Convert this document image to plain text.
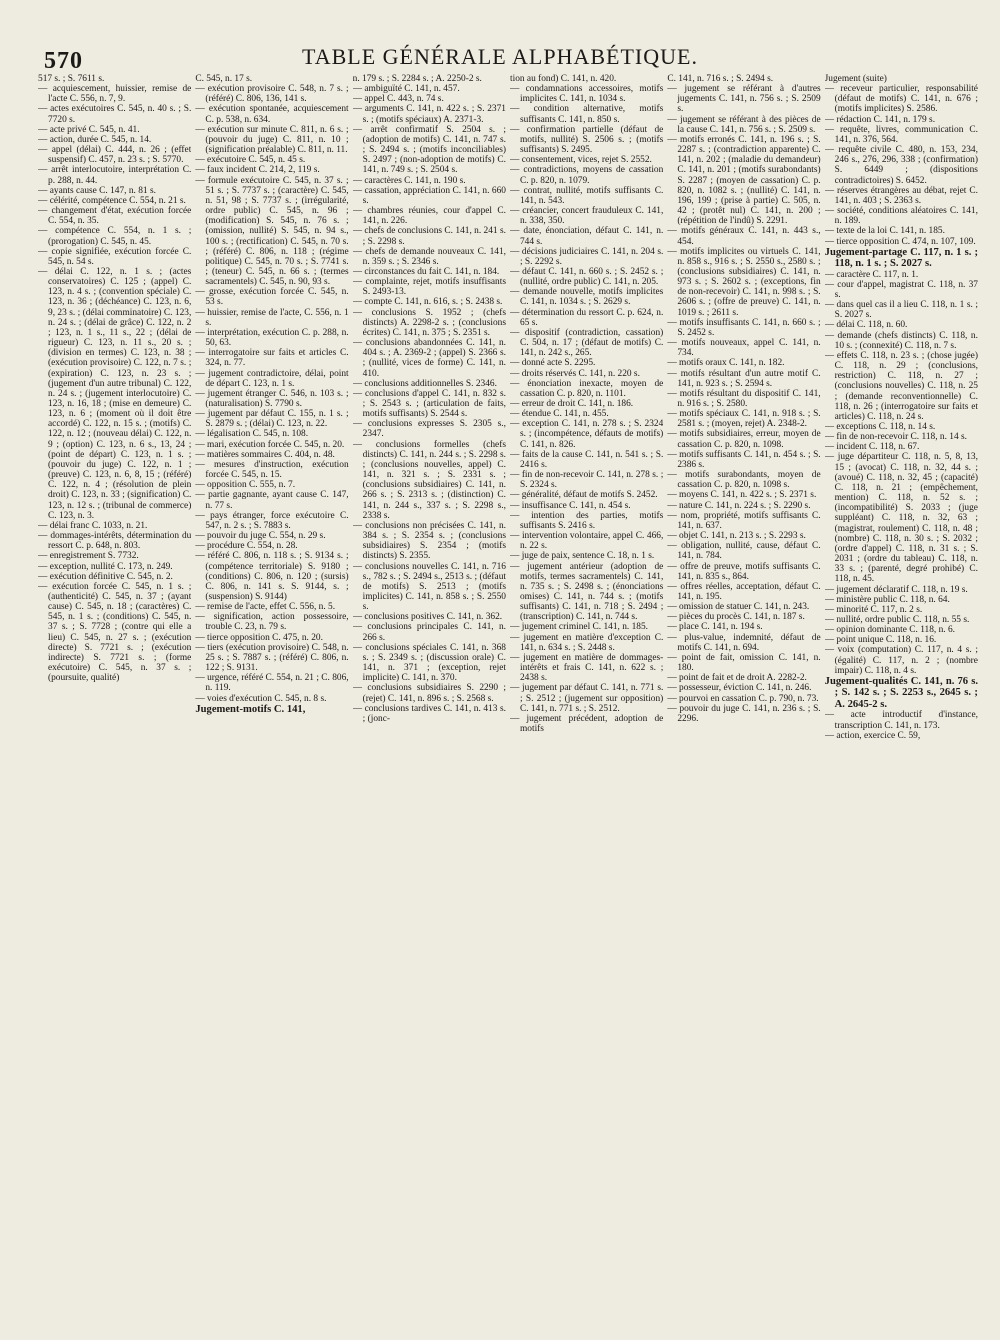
570	TABLE GÉNÉRALE ALPHABÉTIQUE.

517 s. ; S. 7611 s.

— acquiescement, huissier, remise de l'acte C. 556, n. 7, 9.

— actes exécutoires C. 545, n. 40 s. ; S. 7720 s.

— acte privé C. 545, n. 41.

— action, durée C. 545, n. 14.

— appel (délai) C. 444, n. 26 ; (effet suspensif) C. 457, n. 23 s. ; S. 5770.

— arrêt interlocutoire, interprétation C. p. 288, n. 44.

— ayants cause C. 147, n. 81 s.

— célérité, compétence C. 554, n. 21 s.

— changement d'état, exécution forcée C. 554, n. 35.

— compétence C. 554, n. 1 s. ; (prorogation) C. 545, n. 45.

— copie signifiée, exécution forcée C. 545, n. 54 s.

— délai C. 122, n. 1 s. ; (actes conservatoires) C. 125 ; (appel) C. 123, n. 4 s. ; (convention spéciale) C. 123, n. 36 ; (déchéance) C. 123, n. 6, 9, 23 s. ; (délai comminatoire) C. 123, n. 24 s. ; (délai de grâce) C. 122, n. 2 ; 123, n. 1 s., 11 s., 22 ; (délai de rigueur) C. 123, n. 11 s., 20 s. ; (division en termes) C. 123, n. 38 ; (exécution provisoire) C. 122, n. 7 s. ; (expiration) C. 123, n. 23 s. ; (jugement d'un autre tribunal) C. 122, n. 24 s. ; (jugement interlocutoire) C. 123, n. 16, 18 ; (mise en demeure) C. 123, n. 6 ; (moment où il doit être accordé) C. 122, n. 15 s. ; (motifs) C. 122, n. 12 ; (nouveau délai) C. 122, n. 9 ; (option) C. 123, n. 6 s., 13, 24 ; (point de départ) C. 123, n. 1 s. ; (pouvoir du juge) C. 122, n. 1 ; (preuve) C. 123, n. 6, 8, 15 ; (référé) C. 122, n. 4 ; (résolution de plein droit) C. 123, n. 33 ; (signification) C. 123, n. 12 s. ; (tribunal de commerce) C. 123, n. 3.

— délai franc C. 1033, n. 21.

— dommages-intérêts, détermination du ressort C. p. 648, n. 803.

— enregistrement S. 7732.

— exception, nullité C. 173, n. 249.

— exécution définitive C. 545, n. 2.

— exécution forcée C. 545, n. 1 s. ; (authenticité) C. 545, n. 37 ; (ayant cause) C. 545, n. 18 ; (caractères) C. 545, n. 1 s. ; (conditions) C. 545, n. 37 s. ; S. 7728 ; (contre qui elle a lieu) C. 545, n. 27 s. ; (exécution directe) S. 7721 s. ; (exécution indirecte) S. 7721 s. ; (forme exécutoire) C. 545, n. 37 s. ; (poursuite, qualité)

C. 545, n. 17 s.

— exécution provisoire C. 548, n. 7 s. ; (référé) C. 806, 136, 141 s.

— exécution spontanée, acquiescement C. p. 538, n. 634.

— exécution sur minute C. 811, n. 6 s. ; (pouvoir du juge) C. 811, n. 10 ; (signification préalable) C. 811, n. 11.

— exécutoire C. 545, n. 45 s.

— faux incident C. 214, 2, 119 s.

— formule exécutoire C. 545, n. 37 s. ; 51 s. ; S. 7737 s. ; (caractère) C. 545, n. 51, 98 ; S. 7737 s. ; (irrégularité, ordre public) C. 545, n. 96 ; (modification) S. 545, n. 76 s. ; (omission, nullité) S. 545, n. 94 s., 100 s. ; (rectification) C. 545, n. 70 s. ; (référé) C. 806, n. 118 ; (régime politique) C. 545, n. 70 s. ; S. 7741 s. ; (teneur) C. 545, n. 66 s. ; (termes sacramentels) C. 545, n. 90, 93 s.

— grosse, exécution forcée C. 545, n. 53 s.

— huissier, remise de l'acte, C. 556, n. 1 s.

— interprétation, exécution C. p. 288, n. 50, 63.

— interrogatoire sur faits et articles C. 324, n. 77.

— jugement contradictoire, délai, point de départ C. 123, n. 1 s.

— jugement étranger C. 546, n. 103 s. ; (naturalisation) S. 7790 s.

— jugement par défaut C. 155, n. 1 s. ; S. 2879 s. ; (délai) C. 123, n. 22.

— légalisation C. 545, n. 108.

— mari, exécution forcée C. 545, n. 20.

— matières sommaires C. 404, n. 48.

— mesures d'instruction, exécution forcée C. 545, n. 15.

— opposition C. 555, n. 7.

— partie gagnante, ayant cause C. 147, n. 77 s.

— pays étranger, force exécutoire C. 547, n. 2 s. ; S. 7883 s.

— pouvoir du juge C. 554, n. 29 s.

— procédure C. 554, n. 28.

— référé C. 806, n. 118 s. ; S. 9134 s. ; (compétence territoriale) S. 9180 ; (conditions) C. 806, n. 120 ; (sursis) C. 806, n. 141 s. S. 9144, s. ; (suspension) S. 9144)

— remise de l'acte, effet C. 556, n. 5.

— signification, action possessoire, trouble C. 23, n. 79 s.

— tierce opposition C. 475, n. 20.

— tiers (exécution provisoire) C. 548, n. 25 s. ; S. 7887 s. ; (référé) C. 806, n. 122 ; S. 9131.

— urgence, référé C. 554, n. 21 ; C. 806, n. 119.

— voies d'exécution C. 545, n. 8 s.

Jugement-motifs C. 141,

n. 179 s. ; S. 2284 s. ; A. 2250-2 s.

— ambiguïté C. 141, n. 457.

— appel C. 443, n. 74 s.

— arguments C. 141, n. 422 s. ; S. 2371 s. ; (motifs spéciaux) A. 2371-3.

— arrêt confirmatif S. 2504 s. ; (adoption de motifs) C. 141, n. 747 s. ; S. 2494 s. ; (motifs inconciliables) S. 2497 ; (non-adoption de motifs) C. 141, n. 749 s. ; S. 2504 s.

— caractères C. 141, n. 190 s.

— cassation, appréciation C. 141, n. 660 s.

— chambres réunies, cour d'appel C. 141, n. 226.

— chefs de conclusions C. 141, n. 241 s. ; S. 2298 s.

— chefs de demande nouveaux C. 141, n. 359 s. ; S. 2346 s.

— circonstances du fait C. 141, n. 184.

— complainte, rejet, motifs insuffisants S. 2493-13.

— compte C. 141, n. 616, s. ; S. 2438 s.

— conclusions S. 1952 ; (chefs distincts) A. 2298-2 s. ; (conclusions écrites) C. 141, n. 375 ; S. 2351 s.

— conclusions abandonnées C. 141, n. 404 s. ; A. 2369-2 ; (appel) S. 2366 s. ; (nullité, vices de forme) C. 141, n. 410.

— conclusions additionnelles S. 2346.

— conclusions d'appel C. 141, n. 832 s. ; S. 2543 s. ; (articulation de faits, motifs suffisants) S. 2544 s.

— conclusions expresses S. 2305 s., 2347.

— conclusions formelles (chefs distincts) C. 141, n. 244 s. ; S. 2298 s. ; (conclusions nouvelles, appel) C. 141, n. 321 s. ; S. 2331 s. ; (conclusions subsidiaires) C. 141, n. 266 s. ; S. 2313 s. ; (distinction) C. 141, n. 244 s., 337 s. ; S. 2298 s., 2338 s.

— conclusions non précisées C. 141, n. 384 s. ; S. 2354 s. ; (conclusions subsidiaires) S. 2354 ; (motifs distincts) S. 2355.

— conclusions nouvelles C. 141, n. 716 s., 782 s. ; S. 2494 s., 2513 s. ; (défaut de motifs) S. 2513 ; (motifs implicites) C. 141, n. 858 s. ; S. 2550 s.

— conclusions positives C. 141, n. 362.

— conclusions principales C. 141, n. 266 s.

— conclusions spéciales C. 141, n. 368 s. ; S. 2349 s. ; (discussion orale) C. 141, n. 371 ; (exception, rejet implicite) C. 141, n. 370.

— conclusions subsidiaires S. 2290 ; (rejet) C. 141, n. 896 s. ; S. 2568 s.

— conclusions tardives C. 141, n. 413 s. ; (jonc-

tion au fond) C. 141, n. 420.

— condamnations accessoires, motifs implicites C. 141, n. 1034 s.

— condition alternative, motifs suffisants C. 141, n. 850 s.

— confirmation partielle (défaut de motifs, nullité) S. 2506 s. ; (motifs suffisants) S. 2495.

— consentement, vices, rejet S. 2552.

— contradictions, moyens de cassation C. p. 820, n. 1079.

— contrat, nullité, motifs suffisants C. 141, n. 543.

— créancier, concert frauduleux C. 141, n. 338, 350.

— date, énonciation, défaut C. 141, n. 744 s.

— décisions judiciaires C. 141, n. 204 s. ; S. 2292 s.

— défaut C. 141, n. 660 s. ; S. 2452 s. ; (nullité, ordre public) C. 141, n. 205.

— demande nouvelle, motifs implicites C. 141, n. 1034 s. ; S. 2629 s.

— détermination du ressort C. p. 624, n. 65 s.

— dispositif (contradiction, cassation) C. 504, n. 17 ; (défaut de motifs) C. 141, n. 242 s., 265.

— donné acte S. 2295.

— droits réservés C. 141, n. 220 s.

— énonciation inexacte, moyen de cassation C. p. 820, n. 1101.

— erreur de droit C. 141, n. 186.

— étendue C. 141, n. 455.

— exception C. 141, n. 278 s. ; S. 2324 s. ; (incompétence, défauts de motifs) C. 141, n. 826.

— faits de la cause C. 141, n. 541 s. ; S. 2416 s.

— fin de non-recevoir C. 141, n. 278 s. ; S. 2324 s.

— généralité, défaut de motifs S. 2452.

— insuffisance C. 141, n. 454 s.

— intention des parties, motifs suffisants S. 2416 s.

— intervention volontaire, appel C. 466, n. 22 s.

— juge de paix, sentence C. 18, n. 1 s.

— jugement antérieur (adoption de motifs, termes sacramentels) C. 141, n. 735 s. ; S. 2498 s. ; (énonciations omises) C. 141, n. 744 s. ; (motifs suffisants) C. 141, n. 718 ; S. 2494 ; (transcription) C. 141, n. 744 s.

— jugement criminel C. 141, n. 185.

— jugement en matière d'exception C. 141, n. 634 s. ; S. 2448 s.

— jugement en matière de dommages-intérêts et frais C. 141, n. 622 s. ; 2438 s.

— jugement par défaut C. 141, n. 771 s. ; S. 2512 ; (jugement sur opposition) C. 141, n. 771 s. ; S. 2512.

— jugement précédent, adoption de motifs

C. 141, n. 716 s. ; S. 2494 s.

— jugement se référant à d'autres jugements C. 141, n. 756 s. ; S. 2509 s.

— jugement se référant à des pièces de la cause C. 141, n. 756 s. ; S. 2509 s.

— motifs erronés C. 141, n. 196 s. ; S. 2287 s. ; (contradiction apparente) C. 141, n. 202 ; (maladie du demandeur) C. 141, n. 201 ; (motifs surabondants) S. 2287 ; (moyen de cassation) C. p. 820, n. 1082 s. ; (nullité) C. 141, n. 196, 199 ; (prise à partie) C. 505, n. 42 ; (protêt nul) C. 141, n. 200 ; (répétition de l'indû) S. 2291.

— motifs généraux C. 141, n. 443 s., 454.

— motifs implicites ou virtuels C. 141, n. 858 s., 916 s. ; S. 2550 s., 2580 s. ; (conclusions subsidiaires) C. 141, n. 973 s. ; S. 2602 s. ; (exceptions, fin de non-recevoir) C. 141, n. 998 s. ; S. 2606 s. ; (offre de preuve) C. 141, n. 1019 s. ; 2611 s.

— motifs insuffisants C. 141, n. 660 s. ; S. 2452 s.

— motifs nouveaux, appel C. 141, n. 734.

— motifs oraux C. 141, n. 182.

— motifs résultant d'un autre motif C. 141, n. 923 s. ; S. 2594 s.

— motifs résultant du dispositif C. 141, n. 916 s. ; S. 2580.

— motifs spéciaux C. 141, n. 918 s. ; S. 2581 s. ; (moyen, rejet) A. 2348-2.

— motifs subsidiaires, erreur, moyen de cassation C. p. 820, n. 1098.

— motifs suffisants C. 141, n. 454 s. ; S. 2386 s.

— motifs surabondants, moyen de cassation C. p. 820, n. 1098 s.

— moyens C. 141, n. 422 s. ; S. 2371 s.

— nature C. 141, n. 224 s. ; S. 2290 s.

— nom, propriété, motifs suffisants C. 141, n. 637.

— objet C. 141, n. 213 s. ; S. 2293 s.

— obligation, nullité, cause, défaut C. 141, n. 784.

— offre de preuve, motifs suffisants C. 141, n. 835 s., 864.

— offres réelles, acceptation, défaut C. 141, n. 195.

— omission de statuer C. 141, n. 243.

— pièces du procès C. 141, n. 187 s.

— place C. 141, n. 194 s.

— plus-value, indemnité, défaut de motifs C. 141, n. 694.

— point de fait, omission C. 141, n. 180.

— point de fait et de droit A. 2282-2.

— possesseur, éviction C. 141, n. 246.

— pourvoi en cassation C. p. 790, n. 73.

— pouvoir du juge C. 141, n. 236 s. ; S. 2296.

Jugement (suite)

— receveur particulier, responsabilité (défaut de motifs) C. 141, n. 676 ; (motifs implicites) S. 2586.

— rédaction C. 141, n. 179 s.

— requête, livres, communication C. 141, n. 376, 564.

— requête civile C. 480, n. 153, 234, 246 s., 276, 296, 338 ; (confirmation) S. 6449 ; (dispositions contradictoires) S. 6452.

— réserves étrangères au débat, rejet C. 141, n. 403 ; S. 2363 s.

— société, conditions aléatoires C. 141, n. 189.

— texte de la loi C. 141, n. 185.

— tierce opposition C. 474, n. 107, 109.

Jugement-partage C. 117, n. 1 s. ; 118, n. 1 s. ; S. 2027 s.

— caractère C. 117, n. 1.

— cour d'appel, magistrat C. 118, n. 37 s.

— dans quel cas il a lieu C. 118, n. 1 s. ; S. 2027 s.

— délai C. 118, n. 60.

— demande (chefs distincts) C. 118, n. 10 s. ; (connexité) C. 118, n. 7 s.

— effets C. 118, n. 23 s. ; (chose jugée) C. 118, n. 29 ; (conclusions, restriction) C. 118, n. 27 ; (conclusions nouvelles) C. 118, n. 25 ; (demande reconventionnelle) C. 118, n. 26 ; (interrogatoire sur faits et articles) C. 118, n. 24 s.

— exceptions C. 118, n. 14 s.

— fin de non-recevoir C. 118, n. 14 s.

— incident C. 118, n. 67.

— juge départiteur C. 118, n. 5, 8, 13, 15 ; (avocat) C. 118, n. 32, 44 s. ; (avoué) C. 118, n. 32, 45 ; (capacité) C. 118, n. 21 ; (empêchement, mention) C. 118, n. 52 s. ; (incompatibilité) S. 2033 ; (juge suppléant) C. 118, n. 32, 63 ; (magistrat, roulement) C. 118, n. 48 ; (nombre) C. 118, n. 30 s. ; S. 2032 ; (ordre d'appel) C. 118, n. 31 s. ; S. 2031 ; (ordre du tableau) C. 118, n. 33 s. ; (parenté, degré prohibé) C. 118, n. 45.

— jugement déclaratif C. 118, n. 19 s.

— ministère public C. 118, n. 64.

— minorité C. 117, n. 2 s.

— nullité, ordre public C. 118, n. 55 s.

— opinion dominante C. 118, n. 6.

— point unique C. 118, n. 16.

— voix (computation) C. 117, n. 4 s. ; (égalité) C. 117, n. 2 ; (nombre impair) C. 118, n. 4 s.

Jugement-qualités C. 141, n. 76 s. ; S. 142 s. ; S. 2253 s., 2645 s. ; A. 2645-2 s.

— acte introductif d'instance, transcription C. 141, n. 173.

— action, exercice C. 59,
